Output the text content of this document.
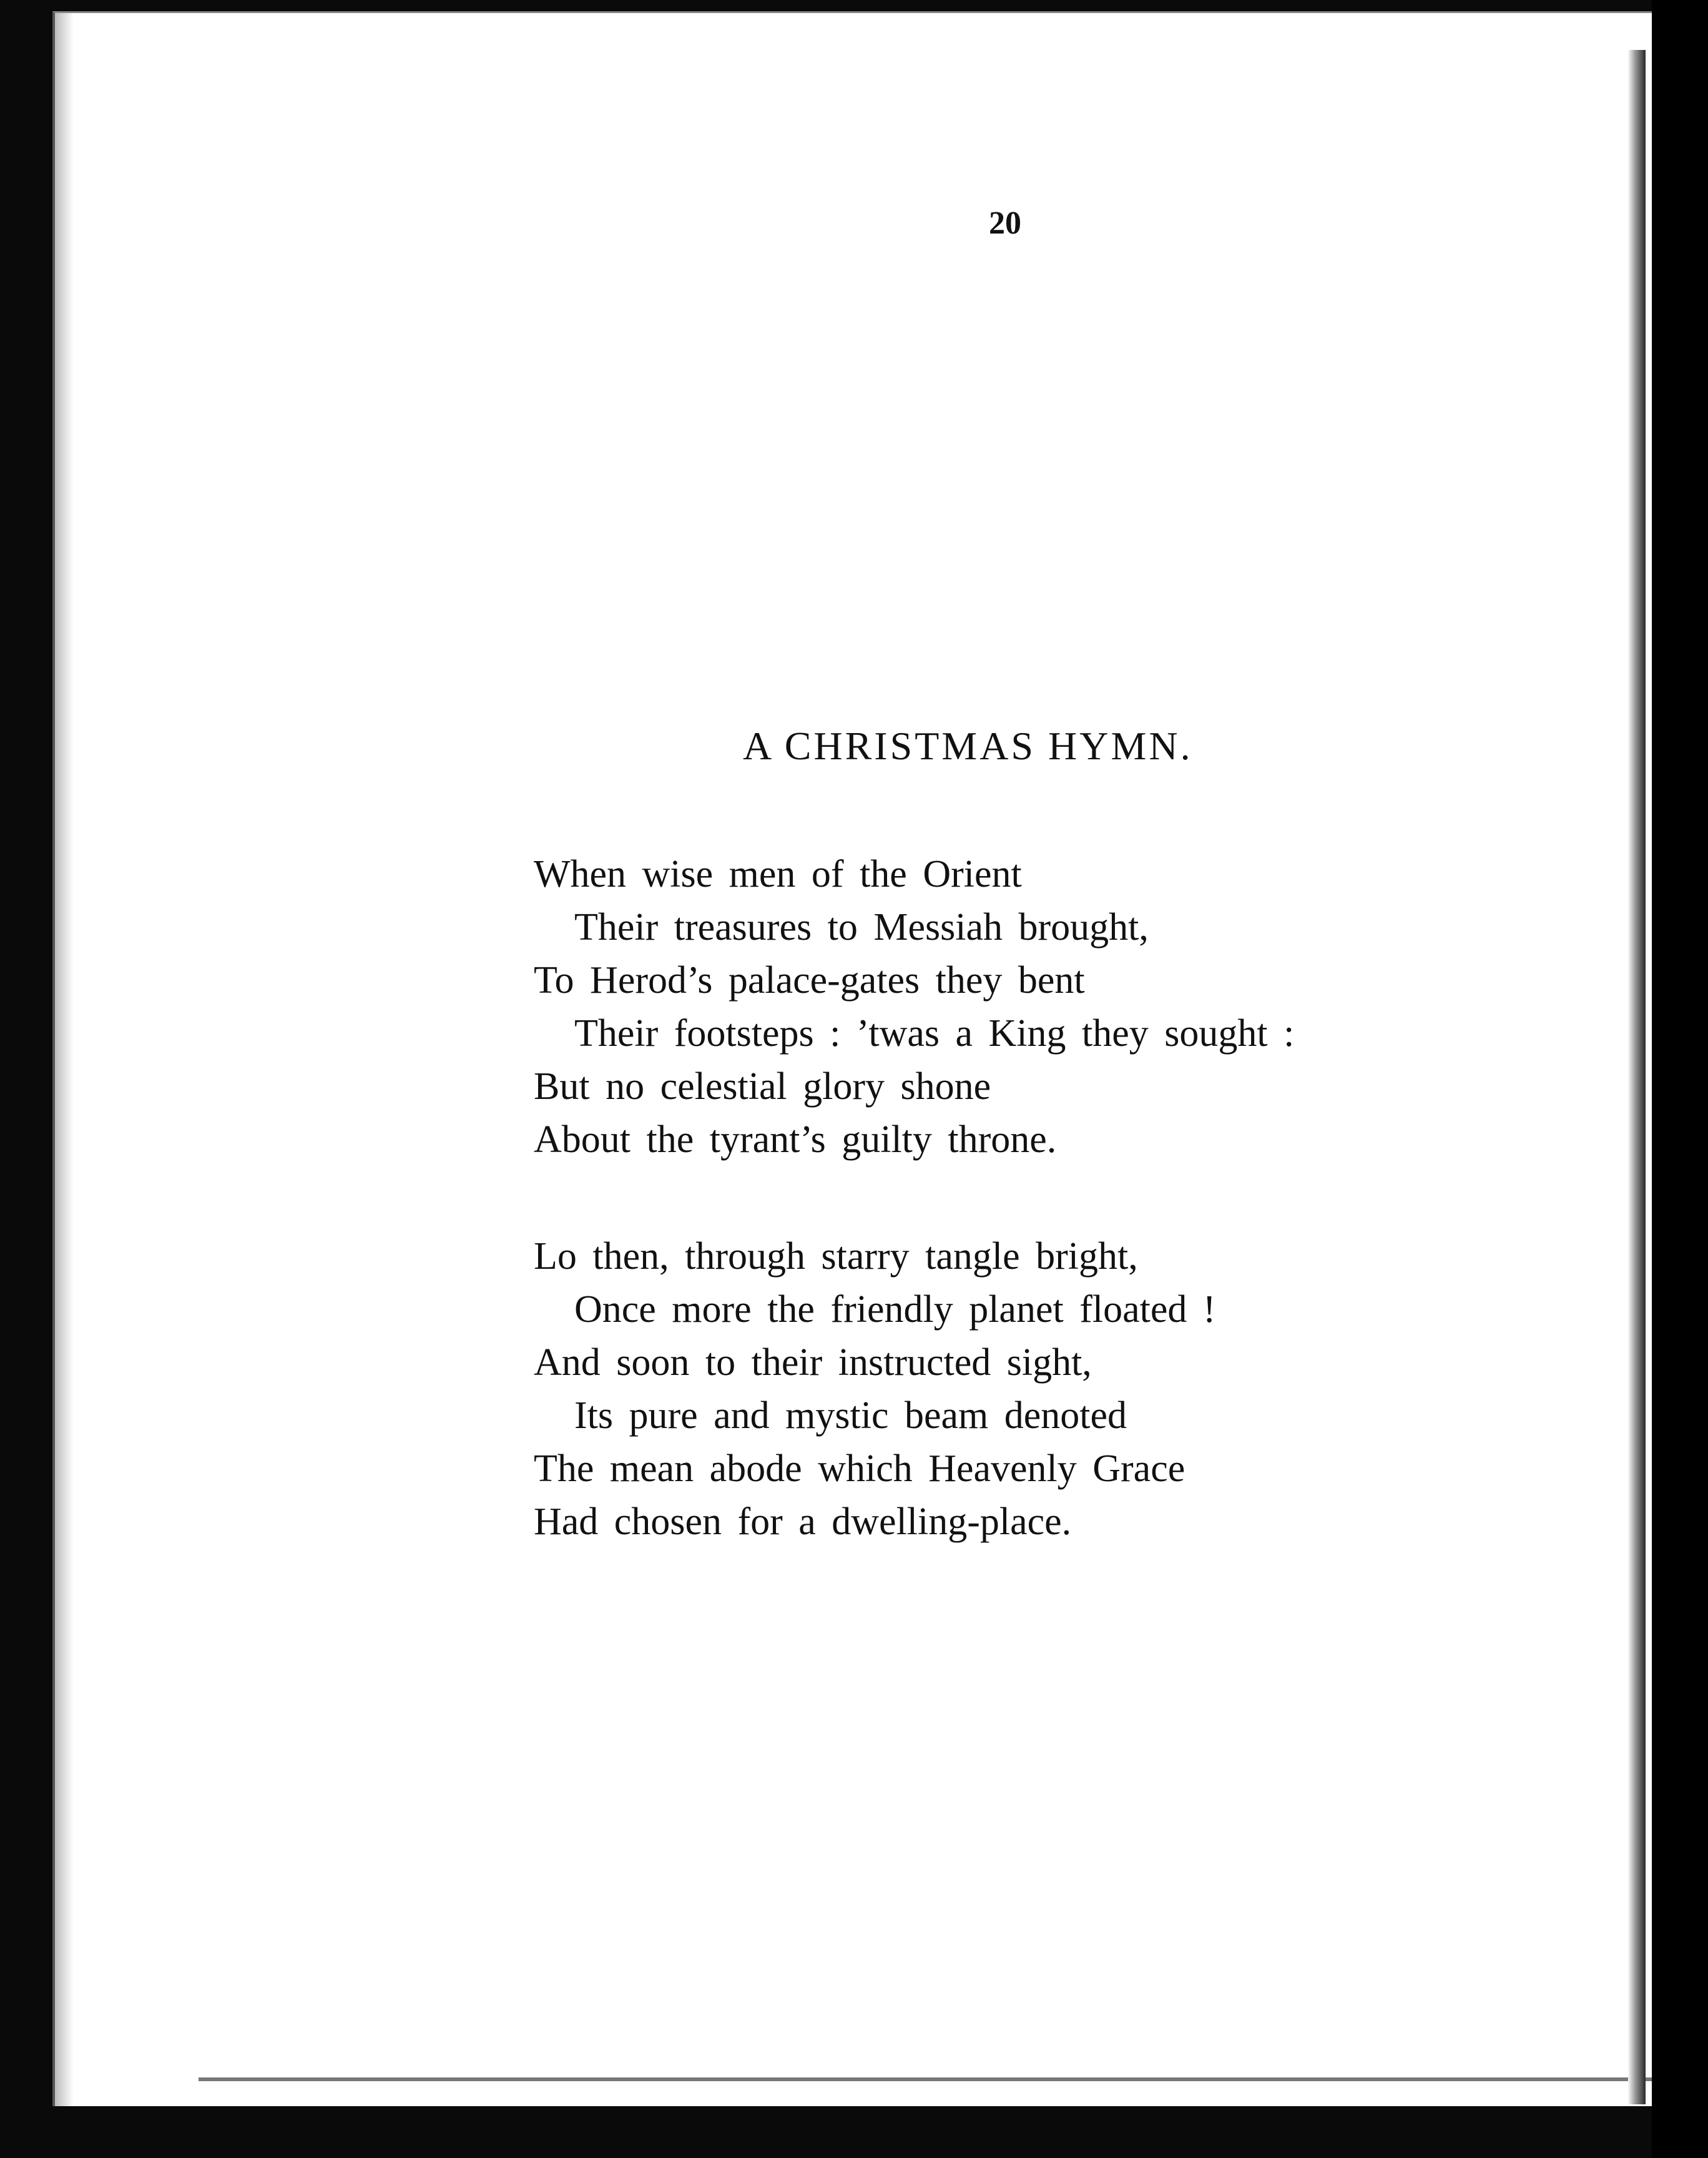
20
A CHRISTMAS HYMN.
When wise men of the Orient
Their treasures to Messiah brought,
To Herod’s palace-gates they bent
Their footsteps : ’twas a King they sought :
But no celestial glory shone
About the tyrant’s guilty throne.
Lo then, through starry tangle bright,
Once more the friendly planet floated !
And soon to their instructed sight,
Its pure and mystic beam denoted
The mean abode which Heavenly Grace
Had chosen for a dwelling-place.
